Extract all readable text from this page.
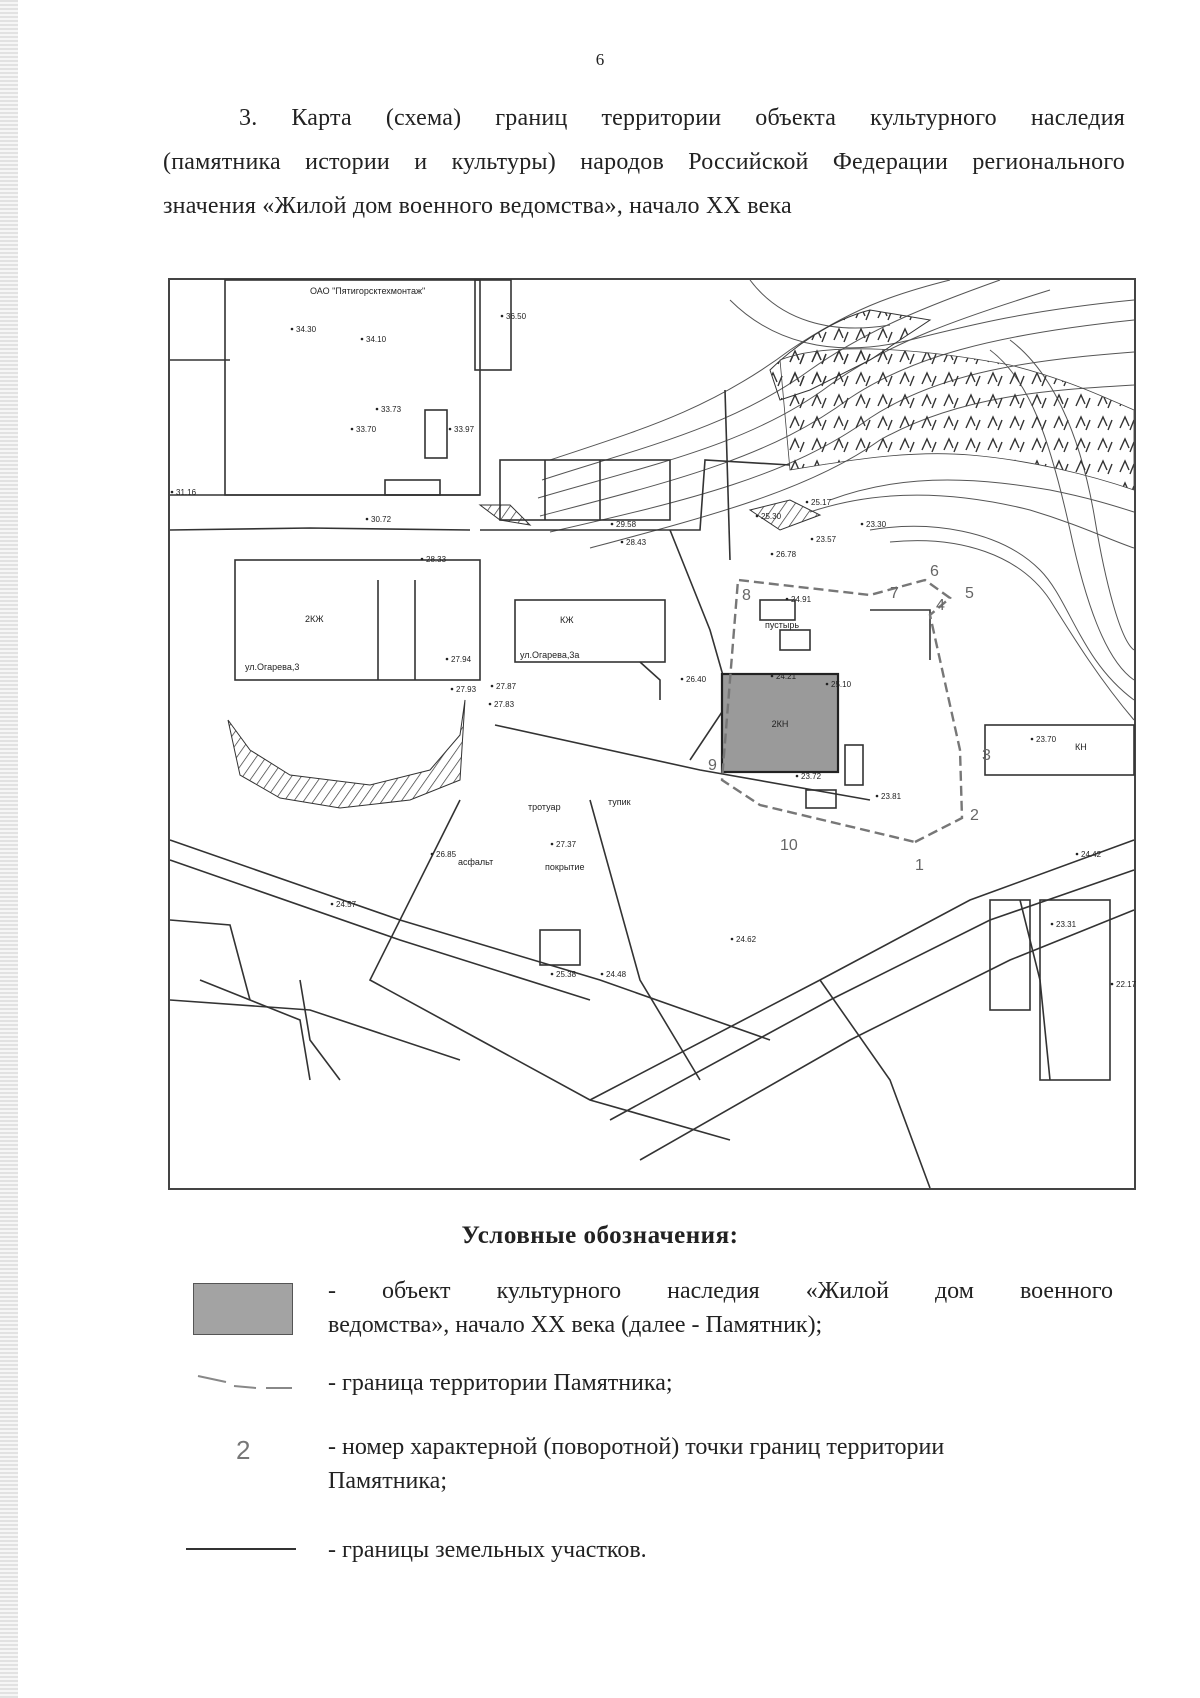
6
3. Карта (схема) границ территории объекта культурного наследия
(памятника истории и культуры) народов Российской Федерации регионального
значения «Жилой дом военного ведомства», начало XX века
2КН
1
2
3
4
5
6
7
8
9
10
36.50
34.30
34.10
33.73
33.70	33.97
31.16
30.72
28.43
29.58
28.33
27.94
27.93 27.87
27.83
26.78
24.91
24.21
25.10
26.40
23.72
23.81
23.57
23.30
25.17
25.30
27.37
26.85
25.38	24.48
24.57
24.62
23.70
23.31
24.42
22.17
ОАО "Пятигорсктехмонтаж"
ул.Огарева,3
ул.Огарева,3а
2КЖ	КЖ
КН
тупик
тротуар
асфальт	покрытие
пустырь
Условные обозначения:
- объект культурного наследия «Жилой дом военного
ведомства», начало XX века (далее - Памятник);
- граница территории Памятника;
2	- номер характерной (поворотной) точки границ территории
Памятника;
- границы земельных участков.
